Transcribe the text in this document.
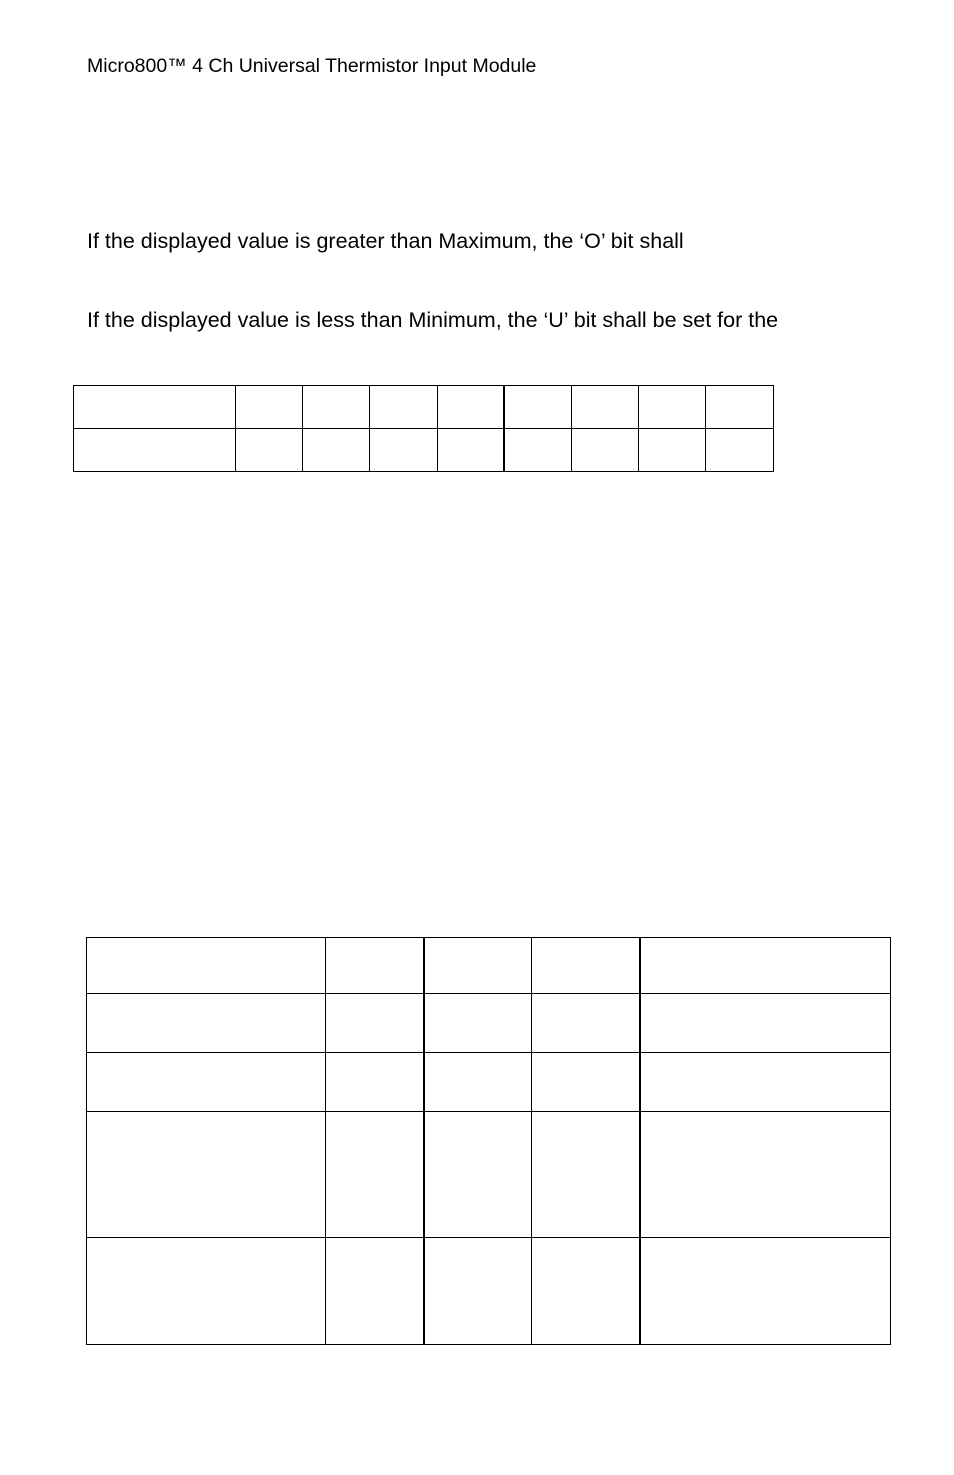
Micro800™ 4 Ch Universal Thermistor Input Module
If the displayed value is greater than Maximum, the ‘O’ bit shall
If the displayed value is less than Minimum, the ‘U’ bit shall be set for the
